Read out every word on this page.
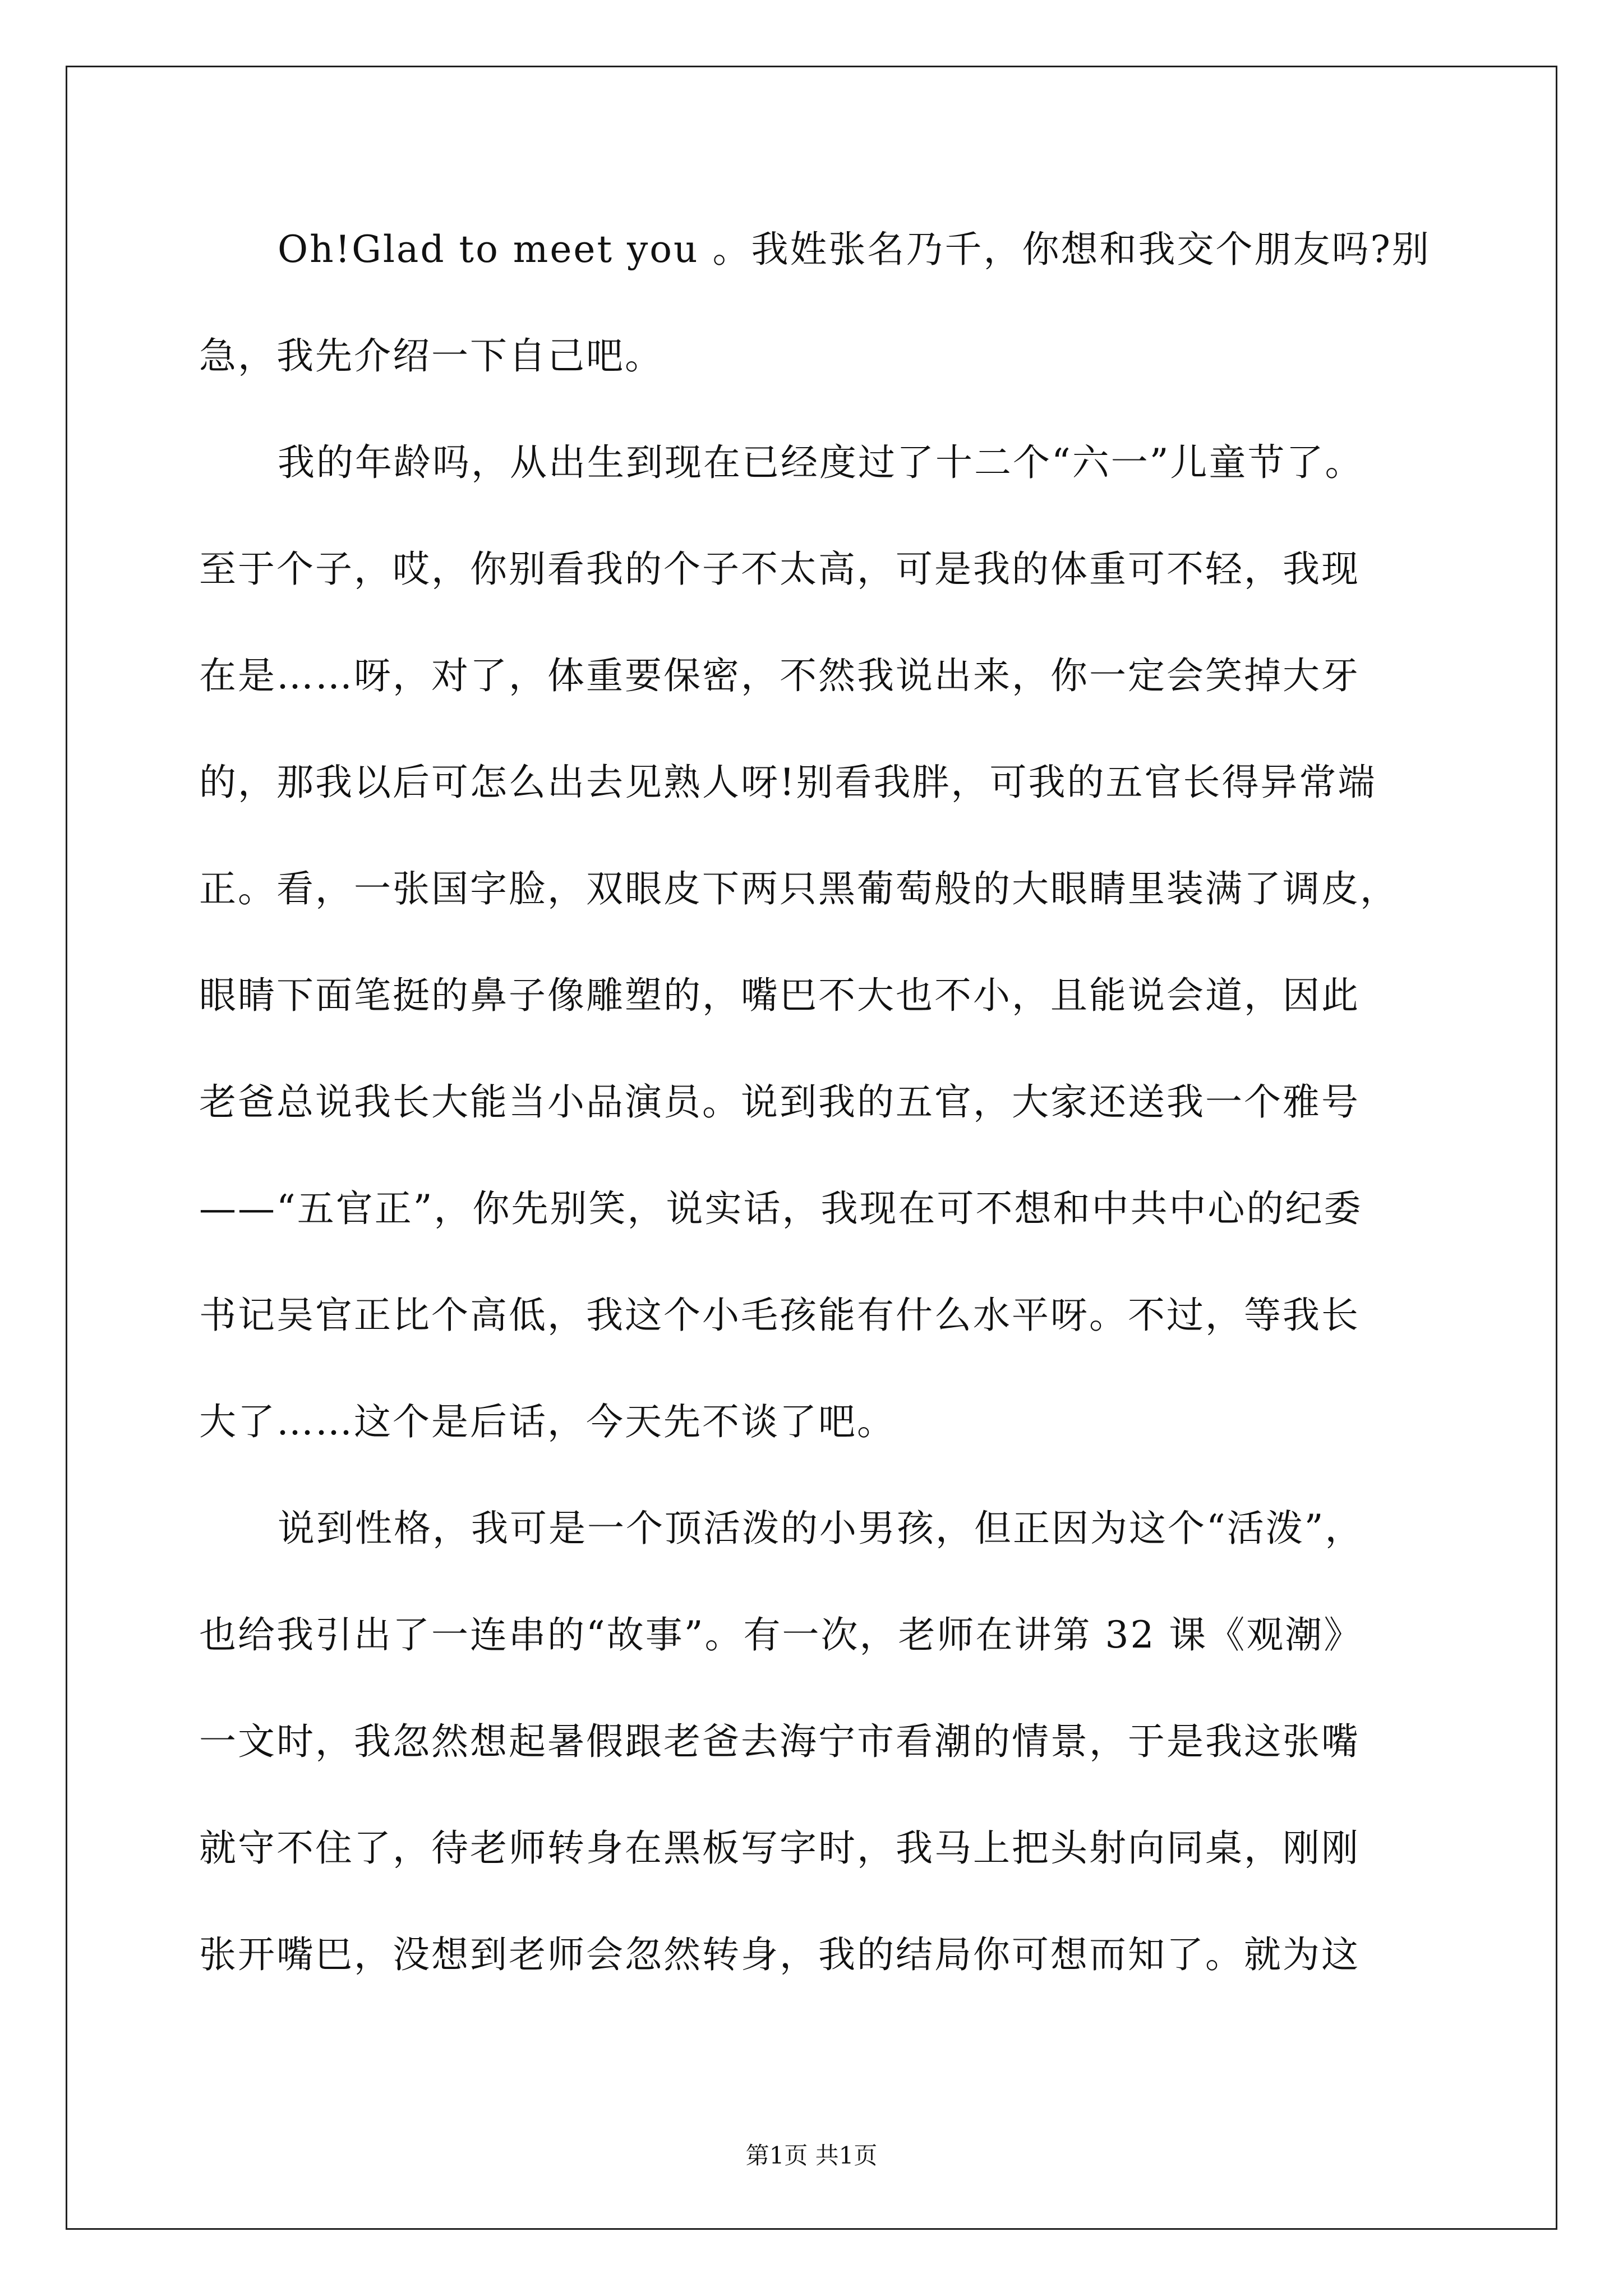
Oh!Glad to meet you 。我姓张名乃千，你想和我交个朋友吗?别
急，我先介绍一下自己吧。
我的年龄吗，从出生到现在已经度过了十二个“六一”儿童节了。
至于个子，哎，你别看我的个子不太高，可是我的体重可不轻，我现
在是……呀，对了，体重要保密，不然我说出来，你一定会笑掉大牙
的，那我以后可怎么出去见熟人呀!别看我胖，可我的五官长得异常端
正。看，一张国字脸，双眼皮下两只黑葡萄般的大眼睛里装满了调皮，
眼睛下面笔挺的鼻子像雕塑的，嘴巴不大也不小，且能说会道，因此
老爸总说我长大能当小品演员。说到我的五官，大家还送我一个雅号
——“五官正”，你先别笑，说实话，我现在可不想和中共中心的纪委
书记吴官正比个高低，我这个小毛孩能有什么水平呀。不过，等我长
大了……这个是后话，今天先不谈了吧。
说到性格，我可是一个顶活泼的小男孩，但正因为这个“活泼”，
也给我引出了一连串的“故事”。有一次，老师在讲第 32 课《观潮》
一文时，我忽然想起暑假跟老爸去海宁市看潮的情景，于是我这张嘴
就守不住了，待老师转身在黑板写字时，我马上把头射向同桌，刚刚
张开嘴巴，没想到老师会忽然转身，我的结局你可想而知了。就为这
第1页 共1页
